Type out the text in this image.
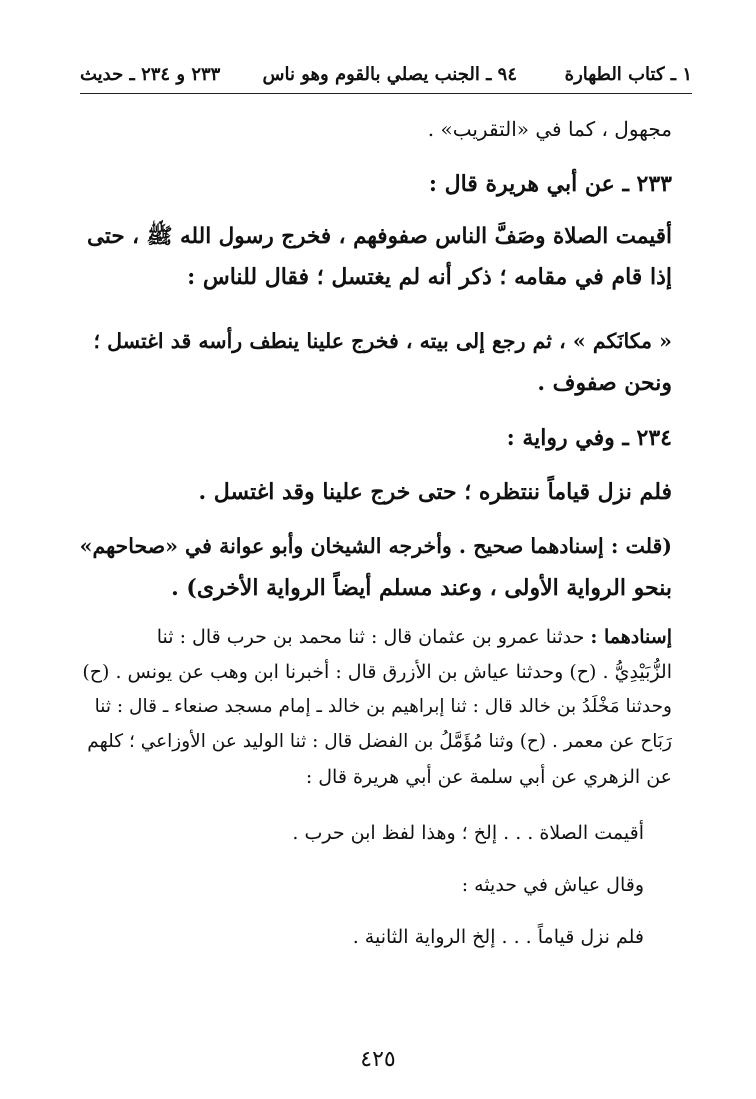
١ ـ كتاب الطهارة
٩٤ ـ الجنب يصلي بالقوم وهو ناس
٢٣٣ و ٢٣٤ ـ حديث
مجهول ، كما في «التقريب» .
٢٣٣ ـ عن أبي هريرة قال :
أقيمت الصلاة وصَفَّ الناس صفوفهم ، فخرج رسول الله ﷺ ، حتى
إذا قام في مقامه ؛ ذكر أنه لم يغتسل ؛ فقال للناس :
« مكانَكم » ، ثم رجع إلى بيته ، فخرج علينا ينطف رأسه قد اغتسل ؛
ونحن صفوف .
٢٣٤ ـ وفي رواية :
فلم نزل قياماً ننتظره ؛ حتى خرج علينا وقد اغتسل .
(قلت : إسنادهما صحيح . وأخرجه الشيخان وأبو عوانة في «صحاحهم»
بنحو الرواية الأولى ، وعند مسلم أيضاً الرواية الأخرى) .
إسنادهما : حدثنا عمرو بن عثمان قال : ثنا محمد بن حرب قال : ثنا
الزُّبَيْدِيُّ . (ح) وحدثنا عياش بن الأزرق قال : أخبرنا ابن وهب عن يونس . (ح)
وحدثنا مَخْلَدُ بن خالد قال : ثنا إبراهيم بن خالد ـ إمام مسجد صنعاء ـ قال : ثنا
رَبَاح عن معمر . (ح) وثنا مُؤَمَّلُ بن الفضل قال : ثنا الوليد عن الأوزاعي ؛ كلهم
عن الزهري عن أبي سلمة عن أبي هريرة قال :
أقيمت الصلاة . . . إلخ ؛ وهذا لفظ ابن حرب .
وقال عياش في حديثه :
فلم نزل قياماً . . . إلخ الرواية الثانية .
٤٢٥
